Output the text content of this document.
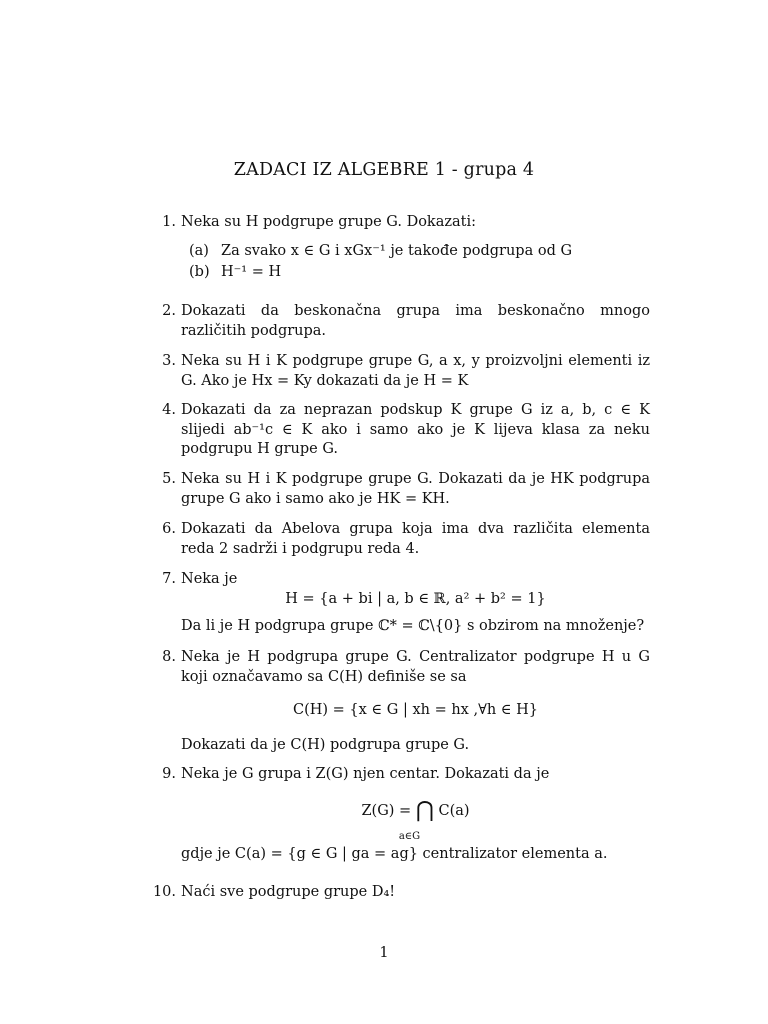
ZADACI IZ ALGEBRE 1 - grupa 4
1. Neka su H podgrupe grupe G. Dokazati:
(a) Za svako x ∈ G i xGx⁻¹ je takođe podgrupa od G
(b) H⁻¹ = H
2. Dokazati da beskonačna grupa ima beskonačno mnogo različitih podgrupa.
3. Neka su H i K podgrupe grupe G, a x, y proizvoljni elementi iz G. Ako je Hx = Ky dokazati da je H = K
4. Dokazati da za neprazan podskup K grupe G iz a, b, c ∈ K slijedi ab⁻¹c ∈ K ako i samo ako je K lijeva klasa za neku podgrupu H grupe G.
5. Neka su H i K podgrupe grupe G. Dokazati da je HK podgrupa grupe G ako i samo ako je HK = KH.
6. Dokazati da Abelova grupa koja ima dva različita elementa reda 2 sadrži i podgrupu reda 4.
7. Neka je
H = {a + bi | a, b ∈ ℝ, a² + b² = 1}
Da li je H podgrupa grupe ℂ* = ℂ\{0} s obzirom na množenje?
8. Neka je H podgrupa grupe G. Centralizator podgrupe H u G koji označavamo sa C(H) definiše se sa
C(H) = {x ∈ G | xh = hx ,∀h ∈ H}
Dokazati da je C(H) podgrupa grupe G.
9. Neka je G grupa i Z(G) njen centar. Dokazati da je
Z(G) = ⋂ C(a)
a∈G
gdje je C(a) = {g ∈ G | ga = ag} centralizator elementa a.
10. Naći sve podgrupe grupe D₄!
1
